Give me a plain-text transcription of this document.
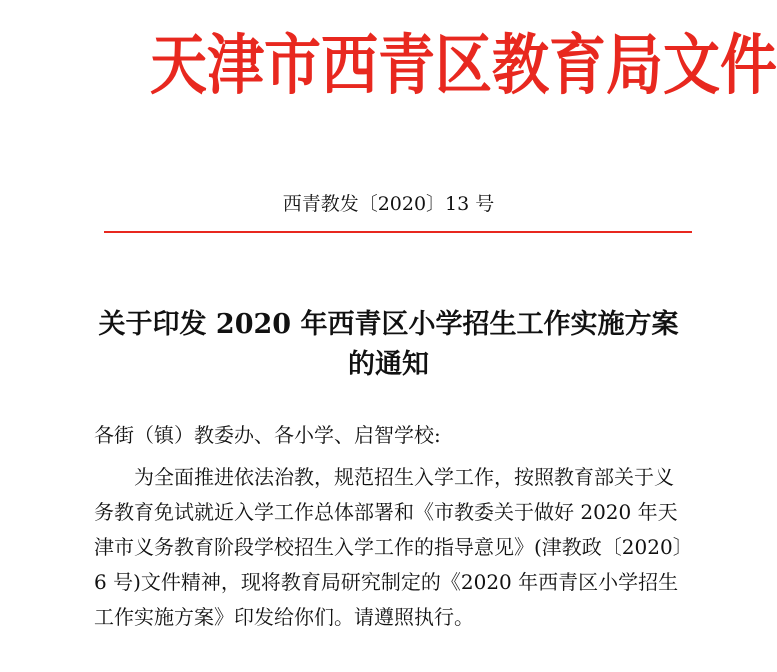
天津市西青区教育局文件
西青教发〔2020〕13 号
关于印发 2020 年西青区小学招生工作实施方案
的通知
各街（镇）教委办、各小学、启智学校:
为全面推进依法治教，规范招生入学工作，按照教育部关于义
务教育免试就近入学工作总体部署和《市教委关于做好 2020 年天
津市义务教育阶段学校招生入学工作的指导意见》(津教政〔2020〕
6 号)文件精神，现将教育局研究制定的《2020 年西青区小学招生
工作实施方案》印发给你们。请遵照执行。
